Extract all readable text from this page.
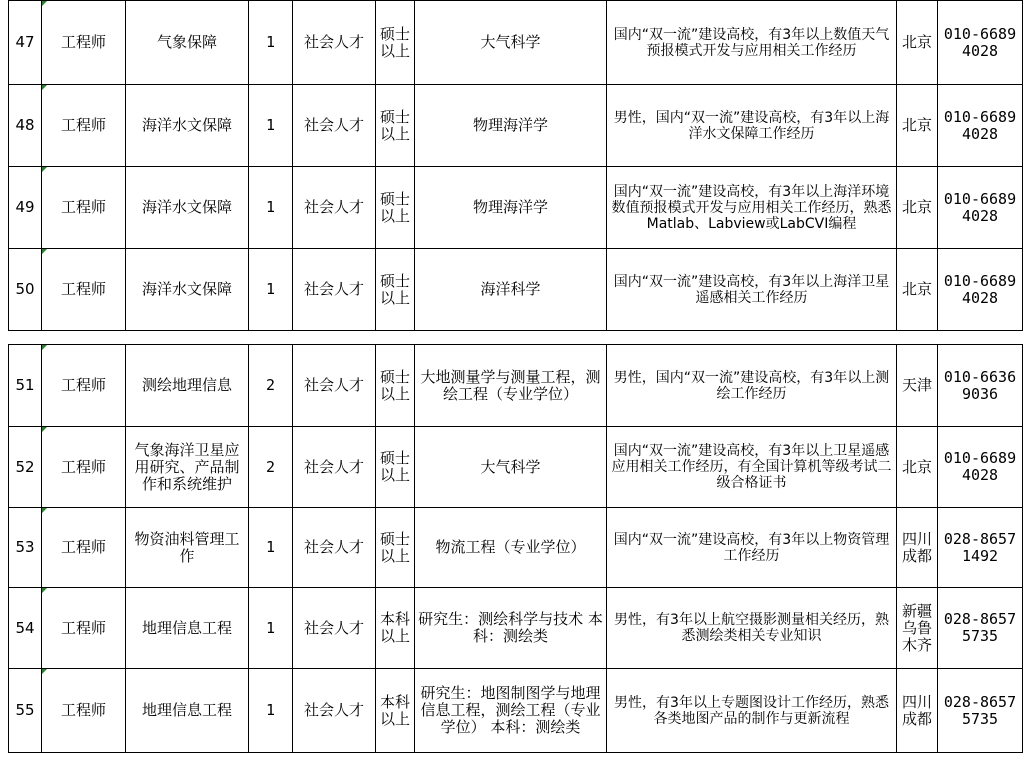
47	工程师	气象保障	1	社会人才	硕士以上	大气科学	国内“双一流”建设高校，有3年以上数值天气预报模式开发与应用相关工作经历	北京	010-66894028
48	工程师	海洋水文保障	1	社会人才	硕士以上	物理海洋学	男性，国内“双一流”建设高校，有3年以上海洋水文保障工作经历	北京	010-66894028
49	工程师	海洋水文保障	1	社会人才	硕士以上	物理海洋学	国内“双一流”建设高校，有3年以上海洋环境数值预报模式开发与应用相关工作经历，熟悉Matlab、Labview或LabCVI编程	北京	010-66894028
50	工程师	海洋水文保障	1	社会人才	硕士以上	海洋科学	国内“双一流”建设高校，有3年以上海洋卫星遥感相关工作经历	北京	010-66894028
51	工程师	测绘地理信息	2	社会人才	硕士以上	大地测量学与测量工程，测绘工程（专业学位）	男性，国内“双一流”建设高校，有3年以上测绘工作经历	天津	010-66369036
52	工程师	气象海洋卫星应用研究、产品制作和系统维护	2	社会人才	硕士以上	大气科学	国内“双一流”建设高校，有3年以上卫星遥感应用相关工作经历，有全国计算机等级考试二级合格证书	北京	010-66894028
53	工程师	物资油料管理工作	1	社会人才	硕士以上	物流工程（专业学位）	国内“双一流”建设高校，有3年以上物资管理工作经历	四川成都	028-86571492
54	工程师	地理信息工程	1	社会人才	本科以上	研究生：测绘科学与技术 本科：测绘类	男性，有3年以上航空摄影测量相关经历，熟悉测绘类相关专业知识	新疆乌鲁木齐	028-86575735
55	工程师	地理信息工程	1	社会人才	本科以上	研究生：地图制图学与地理信息工程，测绘工程（专业学位） 本科：测绘类	男性，有3年以上专题图设计工作经历，熟悉各类地图产品的制作与更新流程	四川成都	028-86575735
